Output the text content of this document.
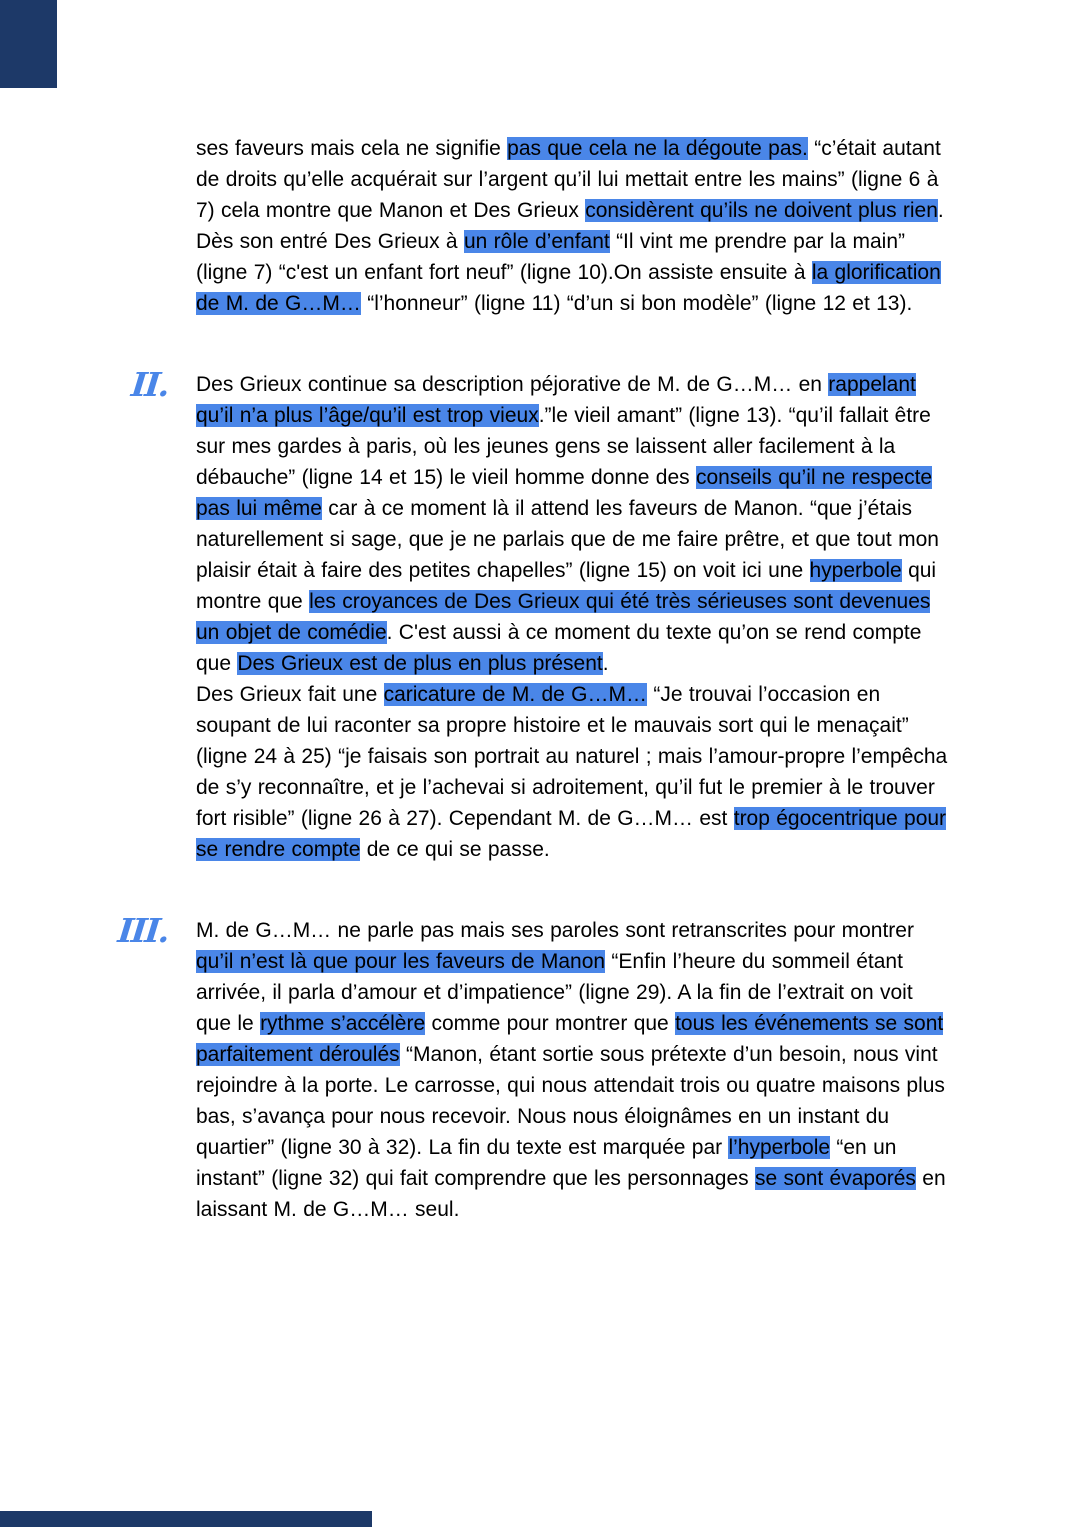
ses faveurs mais cela ne signifie pas que cela ne la dégoute pas. “c’était autant de droits qu’elle acquérait sur l’argent qu’il lui mettait entre les mains” (ligne 6 à 7) cela montre que Manon et Des Grieux considèrent qu’ils ne doivent plus rien.
Dès son entré Des Grieux à un rôle d’enfant “Il vint me prendre par la main” (ligne 7) “c'est un enfant fort neuf” (ligne 10).On assiste ensuite à la glorification de M. de G…M… “l’honneur” (ligne 11) “d’un si bon modèle” (ligne 12 et 13).
II.	Des Grieux continue sa description péjorative de M. de G…M… en rappelant qu’il n’a plus l’âge/qu’il est trop vieux.”le vieil amant” (ligne 13). “qu’il fallait être sur mes gardes à paris, où les jeunes gens se laissent aller facilement à la débauche” (ligne 14 et 15) le vieil homme donne des conseils qu’il ne respecte pas lui même car à ce moment là il attend les faveurs de Manon. “que j’étais naturellement si sage, que je ne parlais que de me faire prêtre, et que tout mon plaisir était à faire des petites chapelles” (ligne 15) on voit ici une hyperbole qui montre que les croyances de Des Grieux qui été très sérieuses sont devenues un objet de comédie. C'est aussi à ce moment du texte qu’on se rend compte que Des Grieux est de plus en plus présent.
Des Grieux fait une caricature de M. de G…M… “Je trouvai l’occasion en soupant de lui raconter sa propre histoire et le mauvais sort qui le menaçait” (ligne 24 à 25) “je faisais son portrait au naturel ; mais l’amour-propre l’empêcha de s’y reconnaître, et je l’achevai si adroitement, qu’il fut le premier à le trouver fort risible” (ligne 26 à 27). Cependant M. de G…M… est trop égocentrique pour se rendre compte de ce qui se passe.
III.	M. de G…M… ne parle pas mais ses paroles sont retranscrites pour montrer qu’il n’est là que pour les faveurs de Manon “Enfin l’heure du sommeil étant arrivée, il parla d’amour et d’impatience” (ligne 29). A la fin de l’extrait on voit que le rythme s’accélère comme pour montrer que tous les événements se sont parfaitement déroulés “Manon, étant sortie sous prétexte d’un besoin, nous vint rejoindre à la porte. Le carrosse, qui nous attendait trois ou quatre maisons plus bas, s’avança pour nous recevoir. Nous nous éloignâmes en un instant du quartier” (ligne 30 à 32). La fin du texte est marquée par l’hyperbole “en un instant” (ligne 32) qui fait comprendre que les personnages se sont évaporés en laissant M. de G…M… seul.
